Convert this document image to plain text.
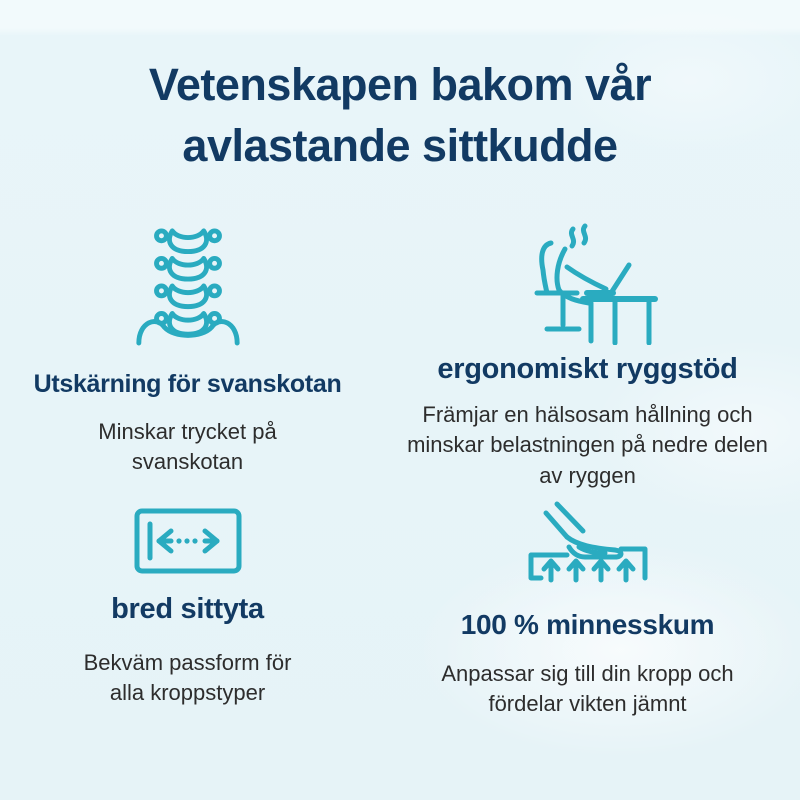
Vetenskapen bakom vår
avlastande sittkudde
Utskärning för svanskotan
Minskar trycket på svanskotan
ergonomiskt ryggstöd
Främjar en hälsosam hållning och minskar belastningen på nedre delen av ryggen
bred sittyta
Bekväm passform för alla kroppstyper
100 % minnesskum
Anpassar sig till din kropp och fördelar vikten jämnt
